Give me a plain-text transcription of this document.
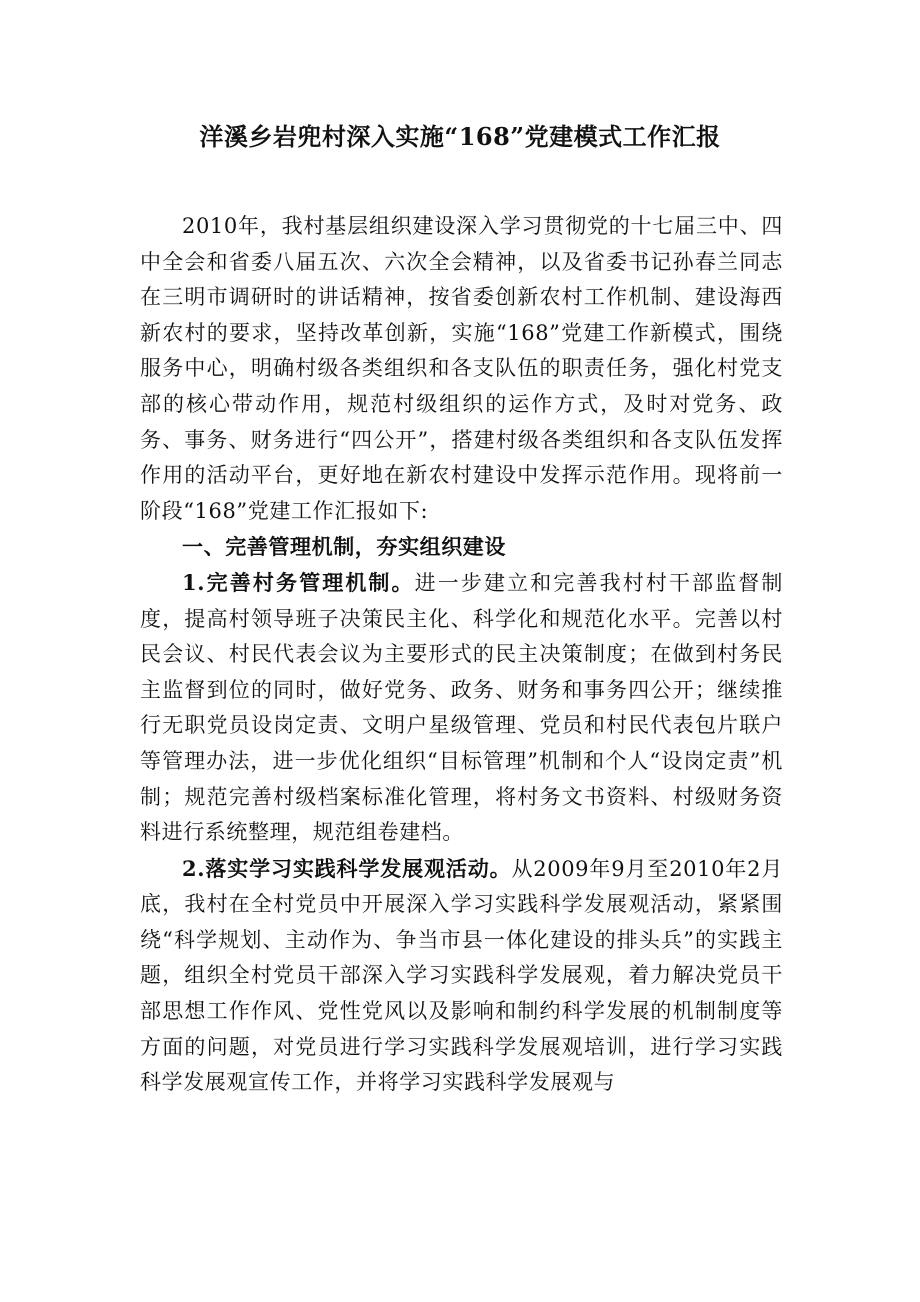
洋溪乡岩兜村深入实施“168”党建模式工作汇报

2010年，我村基层组织建设深入学习贯彻党的十七届三中、四中全会和省委八届五次、六次全会精神，以及省委书记孙春兰同志在三明市调研时的讲话精神，按省委创新农村工作机制、建设海西新农村的要求，坚持改革创新，实施“168”党建工作新模式，围绕服务中心，明确村级各类组织和各支队伍的职责任务，强化村党支部的核心带动作用，规范村级组织的运作方式，及时对党务、政务、事务、财务进行“四公开”，搭建村级各类组织和各支队伍发挥作用的活动平台，更好地在新农村建设中发挥示范作用。现将前一阶段“168”党建工作汇报如下:

一、完善管理机制，夯实组织建设

1.完善村务管理机制。进一步建立和完善我村村干部监督制度，提高村领导班子决策民主化、科学化和规范化水平。完善以村民会议、村民代表会议为主要形式的民主决策制度；在做到村务民主监督到位的同时，做好党务、政务、财务和事务四公开；继续推行无职党员设岗定责、文明户星级管理、党员和村民代表包片联户等管理办法，进一步优化组织“目标管理”机制和个人“设岗定责”机制；规范完善村级档案标准化管理，将村务文书资料、村级财务资料进行系统整理，规范组卷建档。

2.落实学习实践科学发展观活动。从2009年9月至2010年2月底，我村在全村党员中开展深入学习实践科学发展观活动，紧紧围绕“科学规划、主动作为、争当市县一体化建设的排头兵”的实践主题，组织全村党员干部深入学习实践科学发展观，着力解决党员干部思想工作作风、党性党风以及影响和制约科学发展的机制制度等方面的问题，对党员进行学习实践科学发展观培训，进行学习实践科学发展观宣传工作，并将学习实践科学发展观与
